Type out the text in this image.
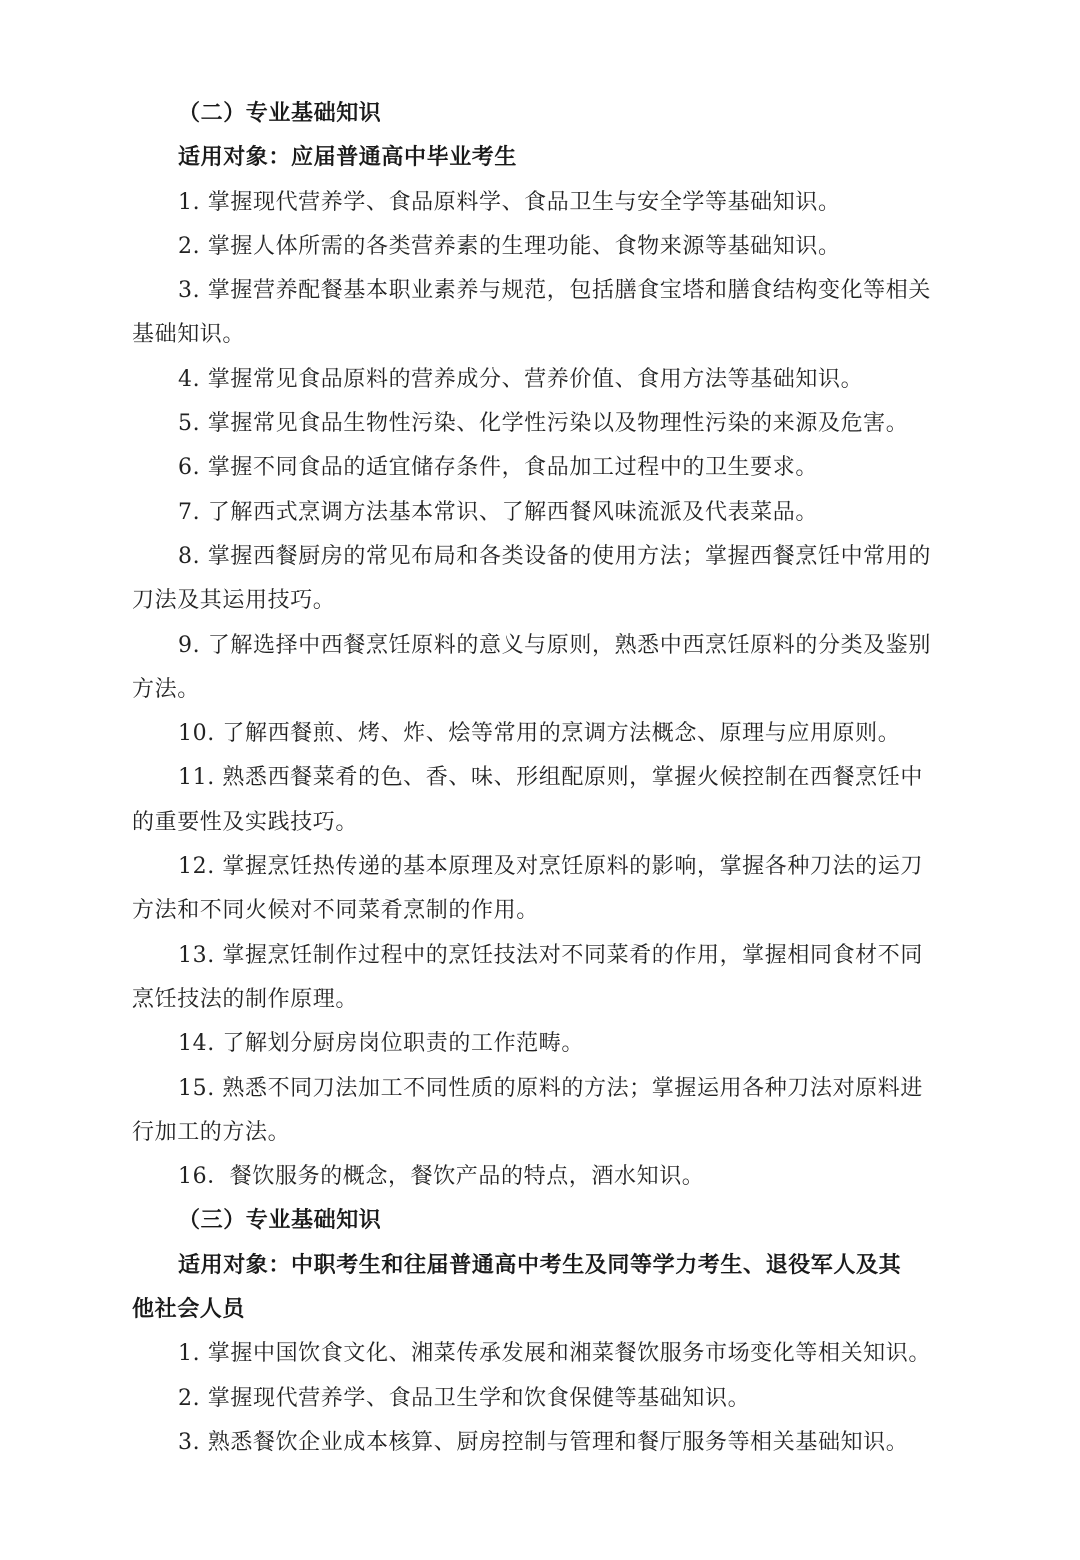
（二）专业基础知识
适用对象：应届普通高中毕业考生
1. 掌握现代营养学、食品原料学、食品卫生与安全学等基础知识。
2. 掌握人体所需的各类营养素的生理功能、食物来源等基础知识。
3. 掌握营养配餐基本职业素养与规范，包括膳食宝塔和膳食结构变化等相关
基础知识。
4. 掌握常见食品原料的营养成分、营养价值、食用方法等基础知识。
5. 掌握常见食品生物性污染、化学性污染以及物理性污染的来源及危害。
6. 掌握不同食品的适宜储存条件，食品加工过程中的卫生要求。
7. 了解西式烹调方法基本常识、了解西餐风味流派及代表菜品。
8. 掌握西餐厨房的常见布局和各类设备的使用方法；掌握西餐烹饪中常用的
刀法及其运用技巧。
9. 了解选择中西餐烹饪原料的意义与原则，熟悉中西烹饪原料的分类及鉴别
方法。
10. 了解西餐煎、烤、炸、烩等常用的烹调方法概念、原理与应用原则。
11. 熟悉西餐菜肴的色、香、味、形组配原则，掌握火候控制在西餐烹饪中
的重要性及实践技巧。
12. 掌握烹饪热传递的基本原理及对烹饪原料的影响，掌握各种刀法的运刀
方法和不同火候对不同菜肴烹制的作用。
13. 掌握烹饪制作过程中的烹饪技法对不同菜肴的作用，掌握相同食材不同
烹饪技法的制作原理。
14. 了解划分厨房岗位职责的工作范畴。
15. 熟悉不同刀法加工不同性质的原料的方法；掌握运用各种刀法对原料进
行加工的方法。
16．餐饮服务的概念，餐饮产品的特点，酒水知识。
（三）专业基础知识
适用对象：中职考生和往届普通高中考生及同等学力考生、退役军人及其
他社会人员
1. 掌握中国饮食文化、湘菜传承发展和湘菜餐饮服务市场变化等相关知识。
2. 掌握现代营养学、食品卫生学和饮食保健等基础知识。
3. 熟悉餐饮企业成本核算、厨房控制与管理和餐厅服务等相关基础知识。
